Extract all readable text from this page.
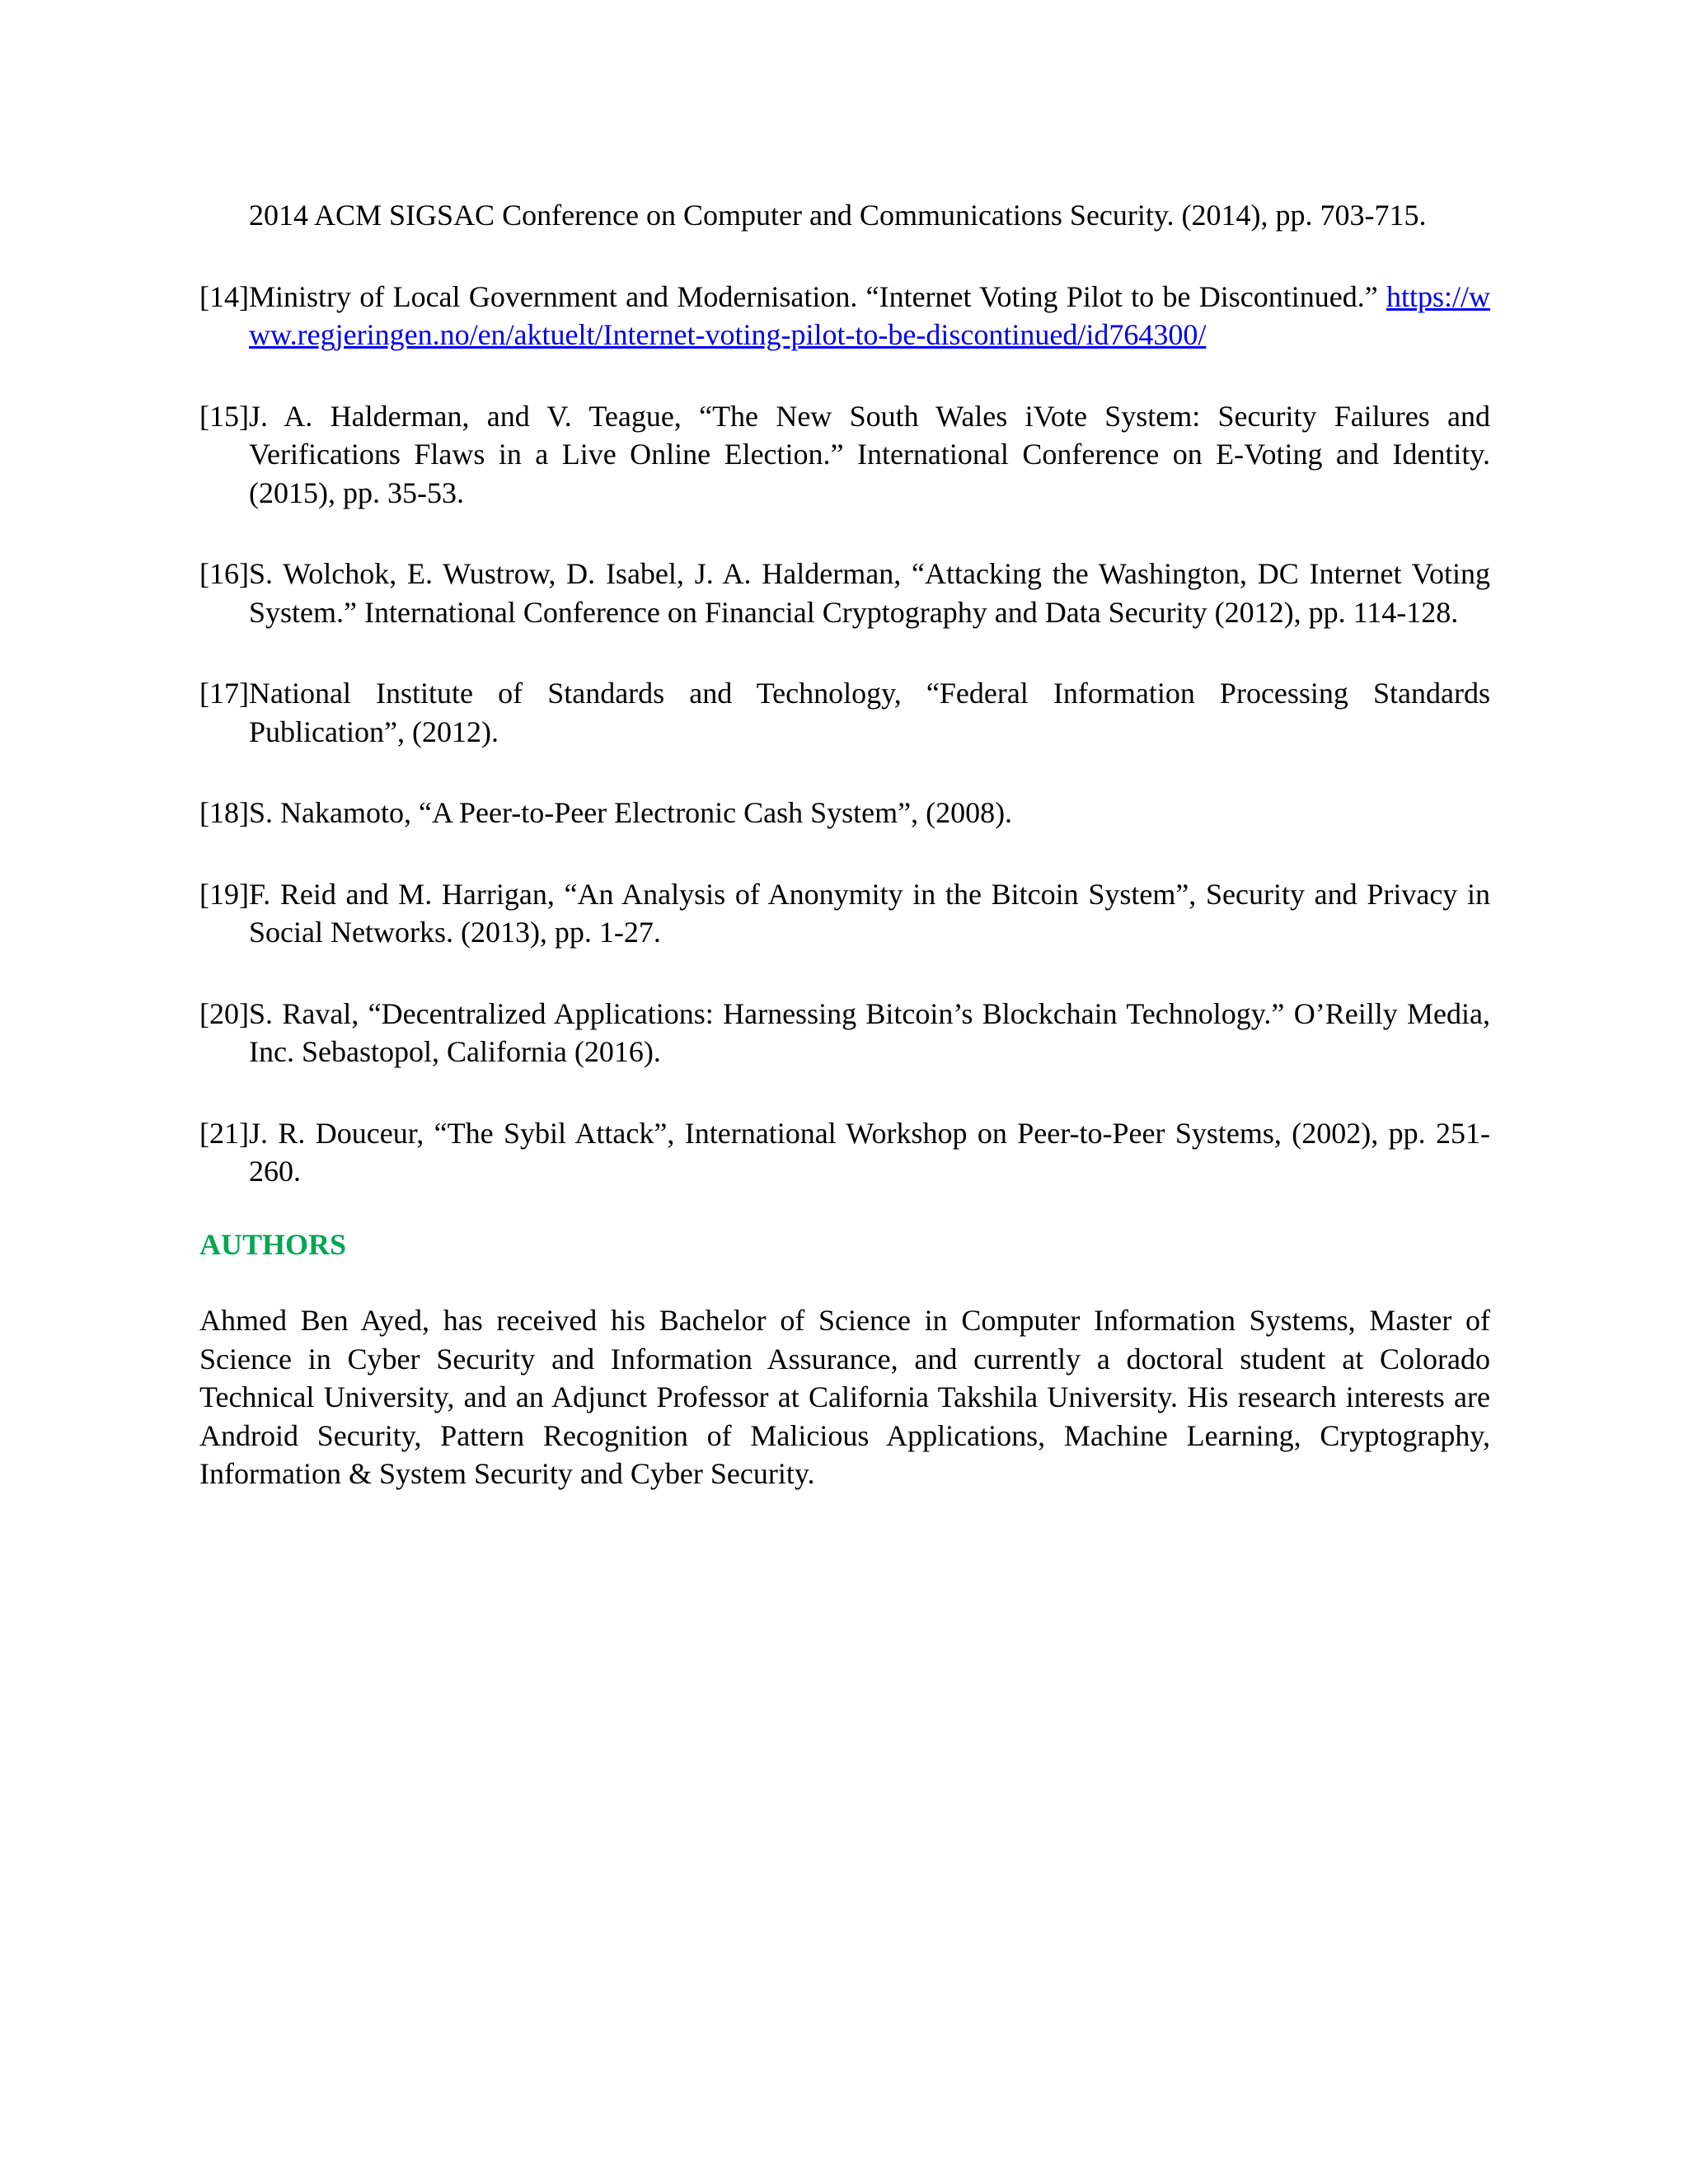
2014 ACM SIGSAC Conference on Computer and Communications Security. (2014), pp. 703-715.

[14]Ministry of Local Government and Modernisation. “Internet Voting Pilot to be Discontinued.” https://www.regjeringen.no/en/aktuelt/Internet-voting-pilot-to-be-discontinued/id764300/

[15]J. A. Halderman, and V. Teague, “The New South Wales iVote System: Security Failures and Verifications Flaws in a Live Online Election.” International Conference on E-Voting and Identity. (2015), pp. 35-53.

[16]S. Wolchok, E. Wustrow, D. Isabel, J. A. Halderman, “Attacking the Washington, DC Internet Voting System.” International Conference on Financial Cryptography and Data Security (2012), pp. 114-128.

[17]National Institute of Standards and Technology, “Federal Information Processing Standards Publication”, (2012).

[18]S. Nakamoto, “A Peer-to-Peer Electronic Cash System”, (2008).

[19]F. Reid and M. Harrigan, “An Analysis of Anonymity in the Bitcoin System”, Security and Privacy in Social Networks. (2013), pp. 1-27.

[20]S. Raval, “Decentralized Applications: Harnessing Bitcoin’s Blockchain Technology.” O’Reilly Media, Inc. Sebastopol, California (2016).

[21]J. R. Douceur, “The Sybil Attack”, International Workshop on Peer-to-Peer Systems, (2002), pp. 251-260.

AUTHORS

Ahmed Ben Ayed, has received his Bachelor of Science in Computer Information Systems, Master of Science in Cyber Security and Information Assurance, and currently a doctoral student at Colorado Technical University, and an Adjunct Professor at California Takshila University. His research interests are Android Security, Pattern Recognition of Malicious Applications, Machine Learning, Cryptography, Information & System Security and Cyber Security.
